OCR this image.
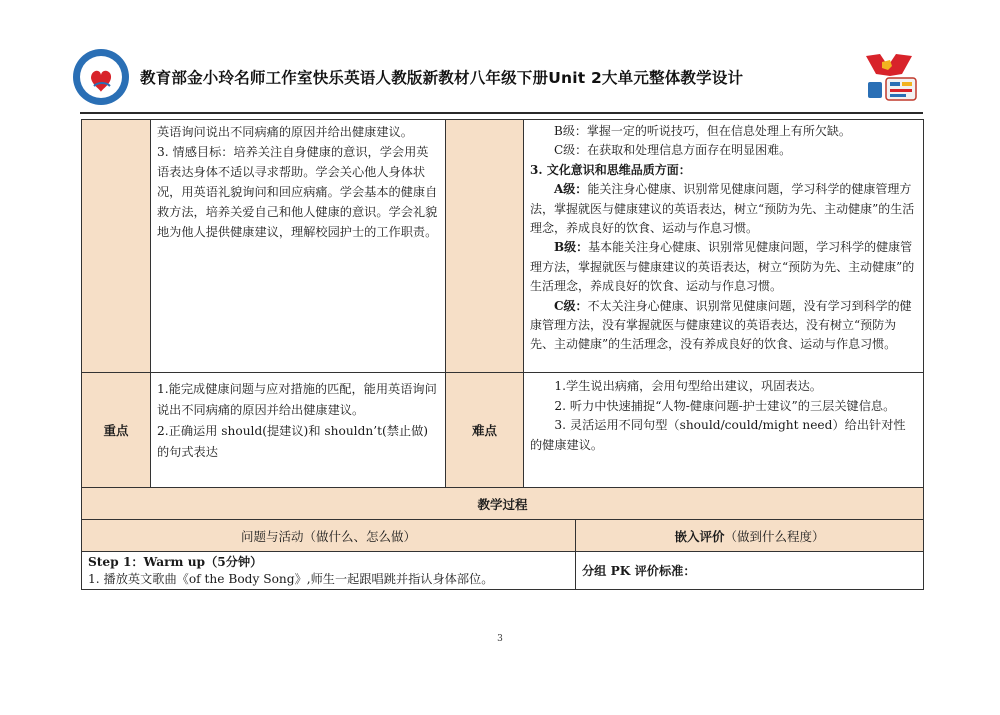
教育部金小玲名师工作室快乐英语人教版新教材八年级下册Unit 2大单元整体教学设计

英语询问说出不同病痛的原因并给出健康建议。

3. 情感目标：培养关注自身健康的意识，学会用英语表达身体不适以寻求帮助。学会关心他人身体状况，用英语礼貌询问和回应病痛。学会基本的健康自救方法，培养关爱自己和他人健康的意识。学会礼貌地为他人提供健康建议，理解校园护士的工作职责。

B级：掌握一定的听说技巧，但在信息处理上有所欠缺。

C级：在获取和处理信息方面存在明显困难。

3. 文化意识和思维品质方面：

A级：能关注身心健康、识别常见健康问题，学习科学的健康管理方法，掌握就医与健康建议的英语表达，树立“预防为先、主动健康”的生活理念，养成良好的饮食、运动与作息习惯。

B级：基本能关注身心健康、识别常见健康问题，学习科学的健康管理方法，掌握就医与健康建议的英语表达，树立“预防为先、主动健康”的生活理念，养成良好的饮食、运动与作息习惯。

C级：不太关注身心健康、识别常见健康问题，没有学习到科学的健康管理方法，没有掌握就医与健康建议的英语表达，没有树立“预防为先、主动健康”的生活理念，没有养成良好的饮食、运动与作息习惯。

重点

1.能完成健康问题与应对措施的匹配，能用英语询问说出不同病痛的原因并给出健康建议。

2.正确运用 should(提建议)和 shouldn’t(禁止做)的句式表达

难点

1.学生说出病痛，会用句型给出建议，巩固表达。

2. 听力中快速捕捉“人物-健康问题-护士建议”的三层关键信息。

3. 灵活运用不同句型（should/could/might need）给出针对性的健康建议。

教学过程
问题与活动（做什么、怎么做）	嵌入评价 （做到什么程度）

Step 1：Warm up（5分钟）

1. 播放英文歌曲《of the Body Song》,师生一起跟唱跳并指认身体部位。

分组 PK 评价标准：
3
